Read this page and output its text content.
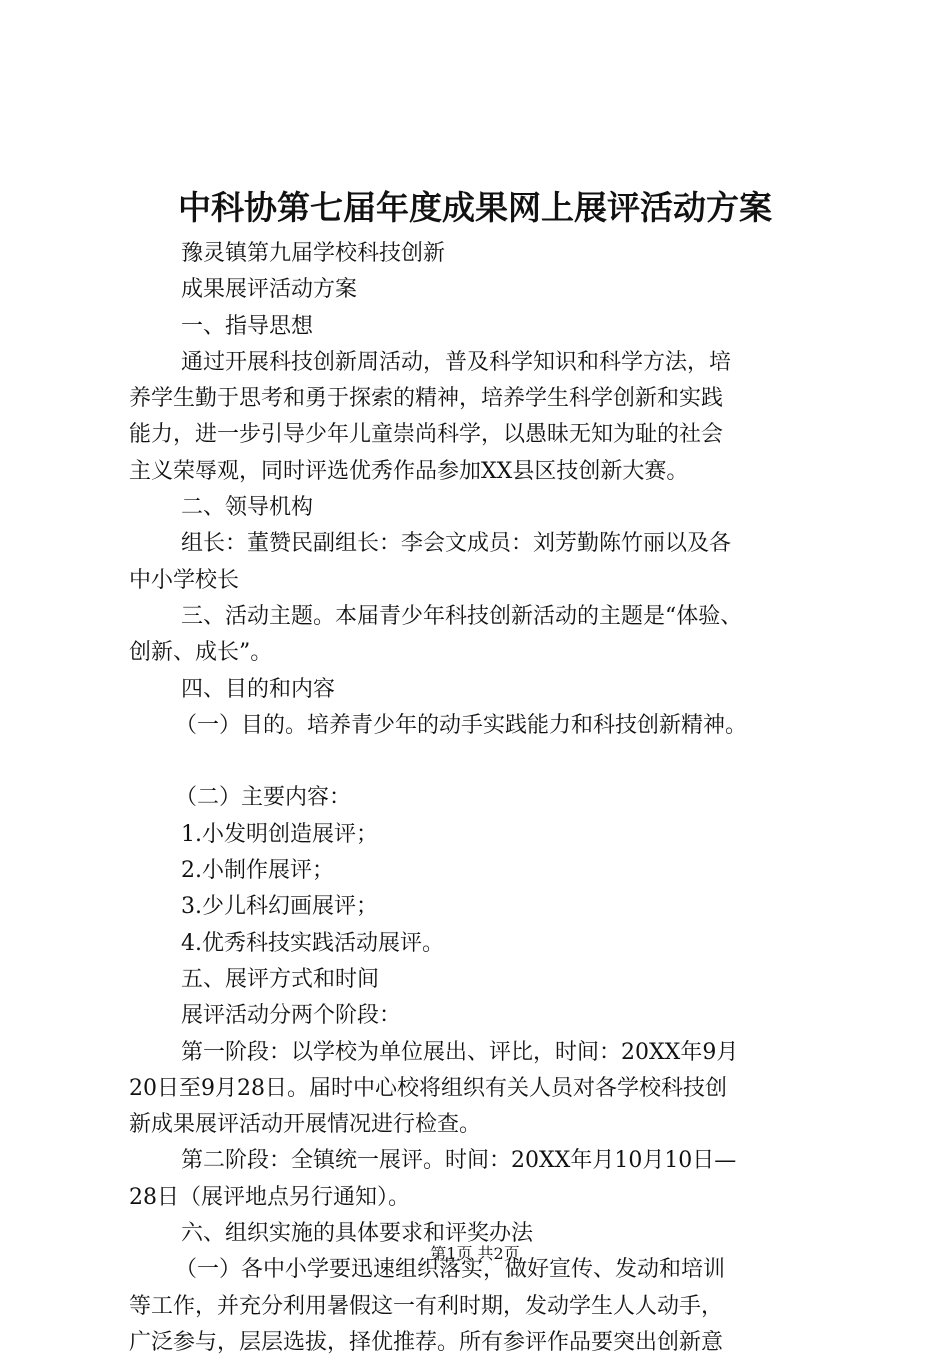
中科协第七届年度成果网上展评活动方案
豫灵镇第九届学校科技创新
成果展评活动方案
一、指导思想
通过开展科技创新周活动，普及科学知识和科学方法，培
养学生勤于思考和勇于探索的精神，培养学生科学创新和实践
能力，进一步引导少年儿童崇尚科学，以愚昧无知为耻的社会
主义荣辱观，同时评选优秀作品参加XX县区技创新大赛。
二、领导机构
组长：董赞民副组长：李会文成员：刘芳勤陈竹丽以及各
中小学校长
三、活动主题。本届青少年科技创新活动的主题是“体验、
创新、成长”。
四、目的和内容
（一）目的。培养青少年的动手实践能力和科技创新精神。
（二）主要内容：
1.小发明创造展评；
2.小制作展评；
3.少儿科幻画展评；
4.优秀科技实践活动展评。
五、展评方式和时间
展评活动分两个阶段：
第一阶段：以学校为单位展出、评比，时间：20XX年9月
20日至9月28日。届时中心校将组织有关人员对各学校科技创
新成果展评活动开展情况进行检查。
第二阶段：全镇统一展评。时间：20XX年月10月10日—
28日（展评地点另行通知）。
六、组织实施的具体要求和评奖办法
（一）各中小学要迅速组织落实，做好宣传、发动和培训
等工作，并充分利用暑假这一有利时期，发动学生人人动手，
广泛参与，层层选拔，择优推荐。所有参评作品要突出创新意
第1页 共2页
